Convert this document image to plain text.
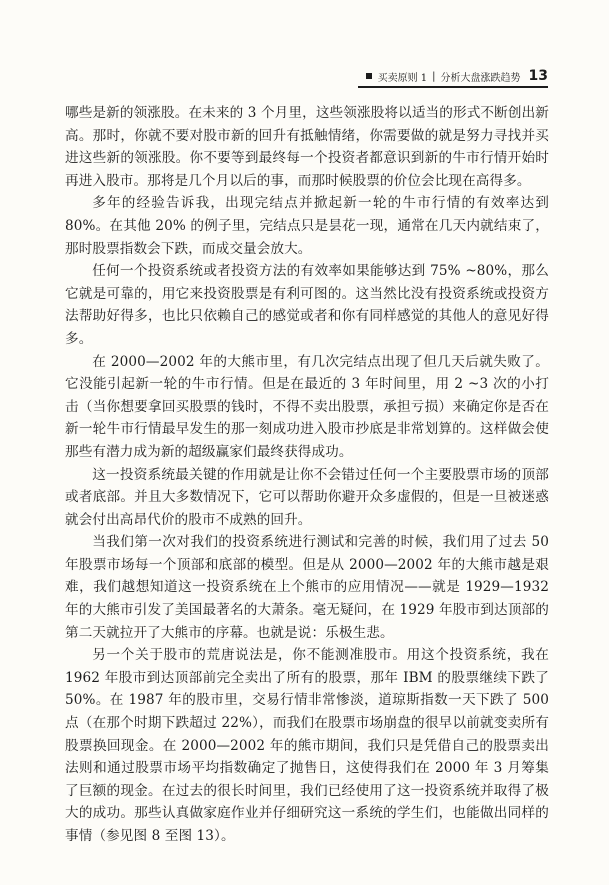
买卖原则 1 | 分析大盘涨跌趋势 13

哪些是新的领涨股。在未来的 3 个月里，这些领涨股将以适当的形式不断创出新高。那时，你就不要对股市新的回升有抵触情绪，你需要做的就是努力寻找并买进这些新的领涨股。你不要等到最终每一个投资者都意识到新的牛市行情开始时再进入股市。那将是几个月以后的事，而那时候股票的价位会比现在高得多。

多年的经验告诉我，出现完结点并掀起新一轮的牛市行情的有效率达到 80%。在其他 20% 的例子里，完结点只是昙花一现，通常在几天内就结束了，那时股票指数会下跌，而成交量会放大。

任何一个投资系统或者投资方法的有效率如果能够达到 75% ~80%，那么它就是可靠的，用它来投资股票是有利可图的。这当然比没有投资系统或投资方法帮助好得多，也比只依赖自己的感觉或者和你有同样感觉的其他人的意见好得多。

在 2000—2002 年的大熊市里，有几次完结点出现了但几天后就失败了。它没能引起新一轮的牛市行情。但是在最近的 3 年时间里，用 2 ~3 次的小打击（当你想要拿回买股票的钱时，不得不卖出股票，承担亏损）来确定你是否在新一轮牛市行情最早发生的那一刻成功进入股市抄底是非常划算的。这样做会使那些有潜力成为新的超级赢家们最终获得成功。

这一投资系统最关键的作用就是让你不会错过任何一个主要股票市场的顶部或者底部。并且大多数情况下，它可以帮助你避开众多虚假的，但是一旦被迷惑就会付出高昂代价的股市不成熟的回升。

当我们第一次对我们的投资系统进行测试和完善的时候，我们用了过去 50 年股票市场每一个顶部和底部的模型。但是从 2000—2002 年的大熊市越是艰难，我们越想知道这一投资系统在上个熊市的应用情况——就是 1929—1932 年的大熊市引发了美国最著名的大萧条。毫无疑问，在 1929 年股市到达顶部的第二天就拉开了大熊市的序幕。也就是说：乐极生悲。

另一个关于股市的荒唐说法是，你不能测准股市。用这个投资系统，我在 1962 年股市到达顶部前完全卖出了所有的股票，那年 IBM 的股票继续下跌了 50%。在 1987 年的股市里，交易行情非常惨淡，道琼斯指数一天下跌了 500 点（在那个时期下跌超过 22%），而我们在股票市场崩盘的很早以前就变卖所有股票换回现金。在 2000—2002 年的熊市期间，我们只是凭借自己的股票卖出法则和通过股票市场平均指数确定了抛售日，这使得我们在 2000 年 3 月筹集了巨额的现金。在过去的很长时间里，我们已经使用了这一投资系统并取得了极大的成功。那些认真做家庭作业并仔细研究这一系统的学生们，也能做出同样的事情（参见图 8 至图 13）。
